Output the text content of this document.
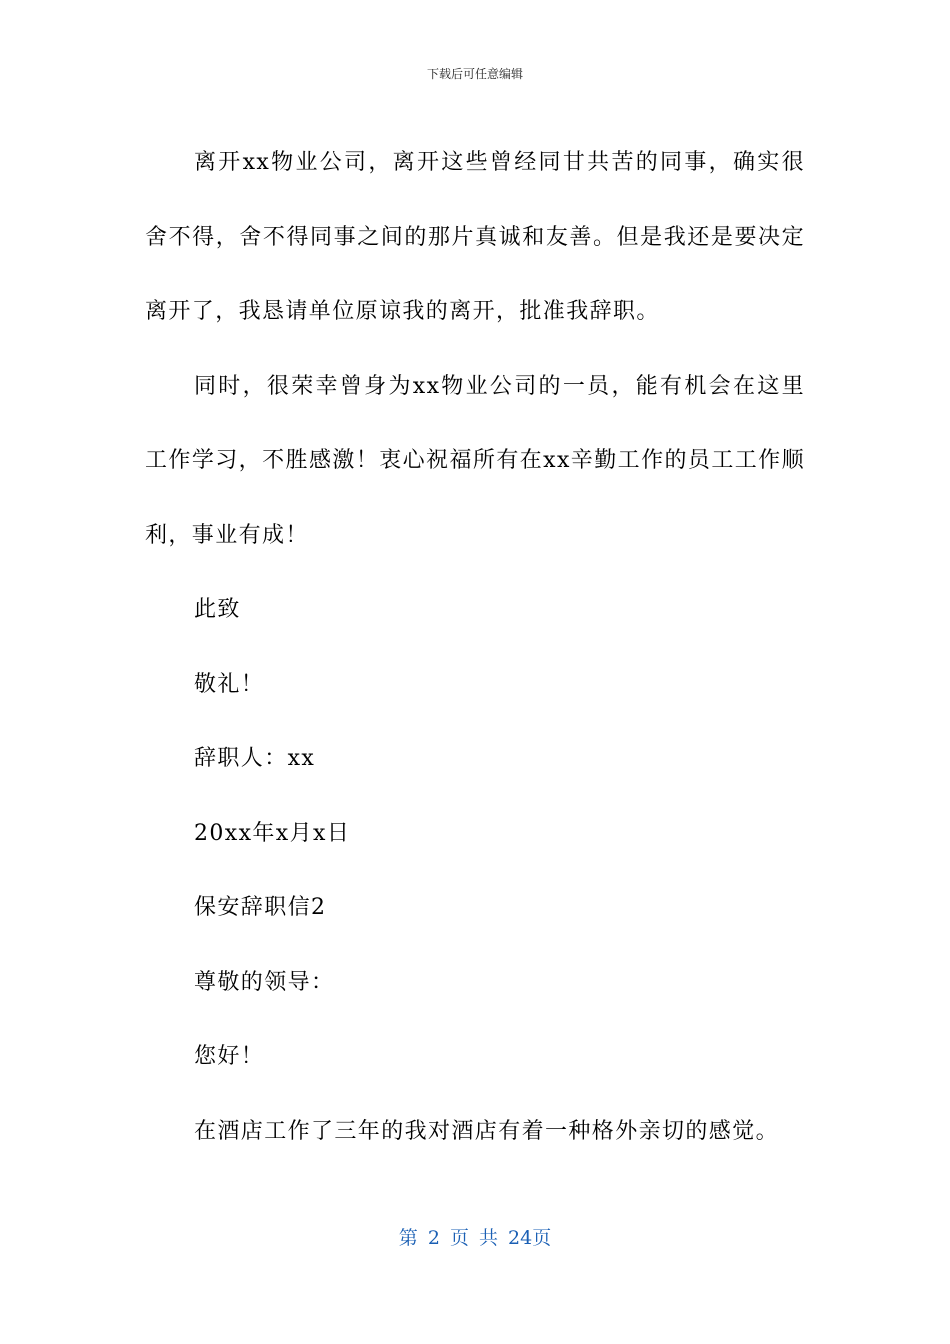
下载后可任意编辑

离开xx物业公司，离开这些曾经同甘共苦的同事，确实很舍不得，舍不得同事之间的那片真诚和友善。但是我还是要决定离开了，我恳请单位原谅我的离开，批准我辞职。

同时，很荣幸曾身为xx物业公司的一员，能有机会在这里工作学习，不胜感激！衷心祝福所有在xx辛勤工作的员工工作顺利，事业有成！

此致

敬礼！

辞职人：xx

20xx年x月x日

保安辞职信2

尊敬的领导：

您好！

在酒店工作了三年的我对酒店有着一种格外亲切的感觉。

第 2 页 共 24页
